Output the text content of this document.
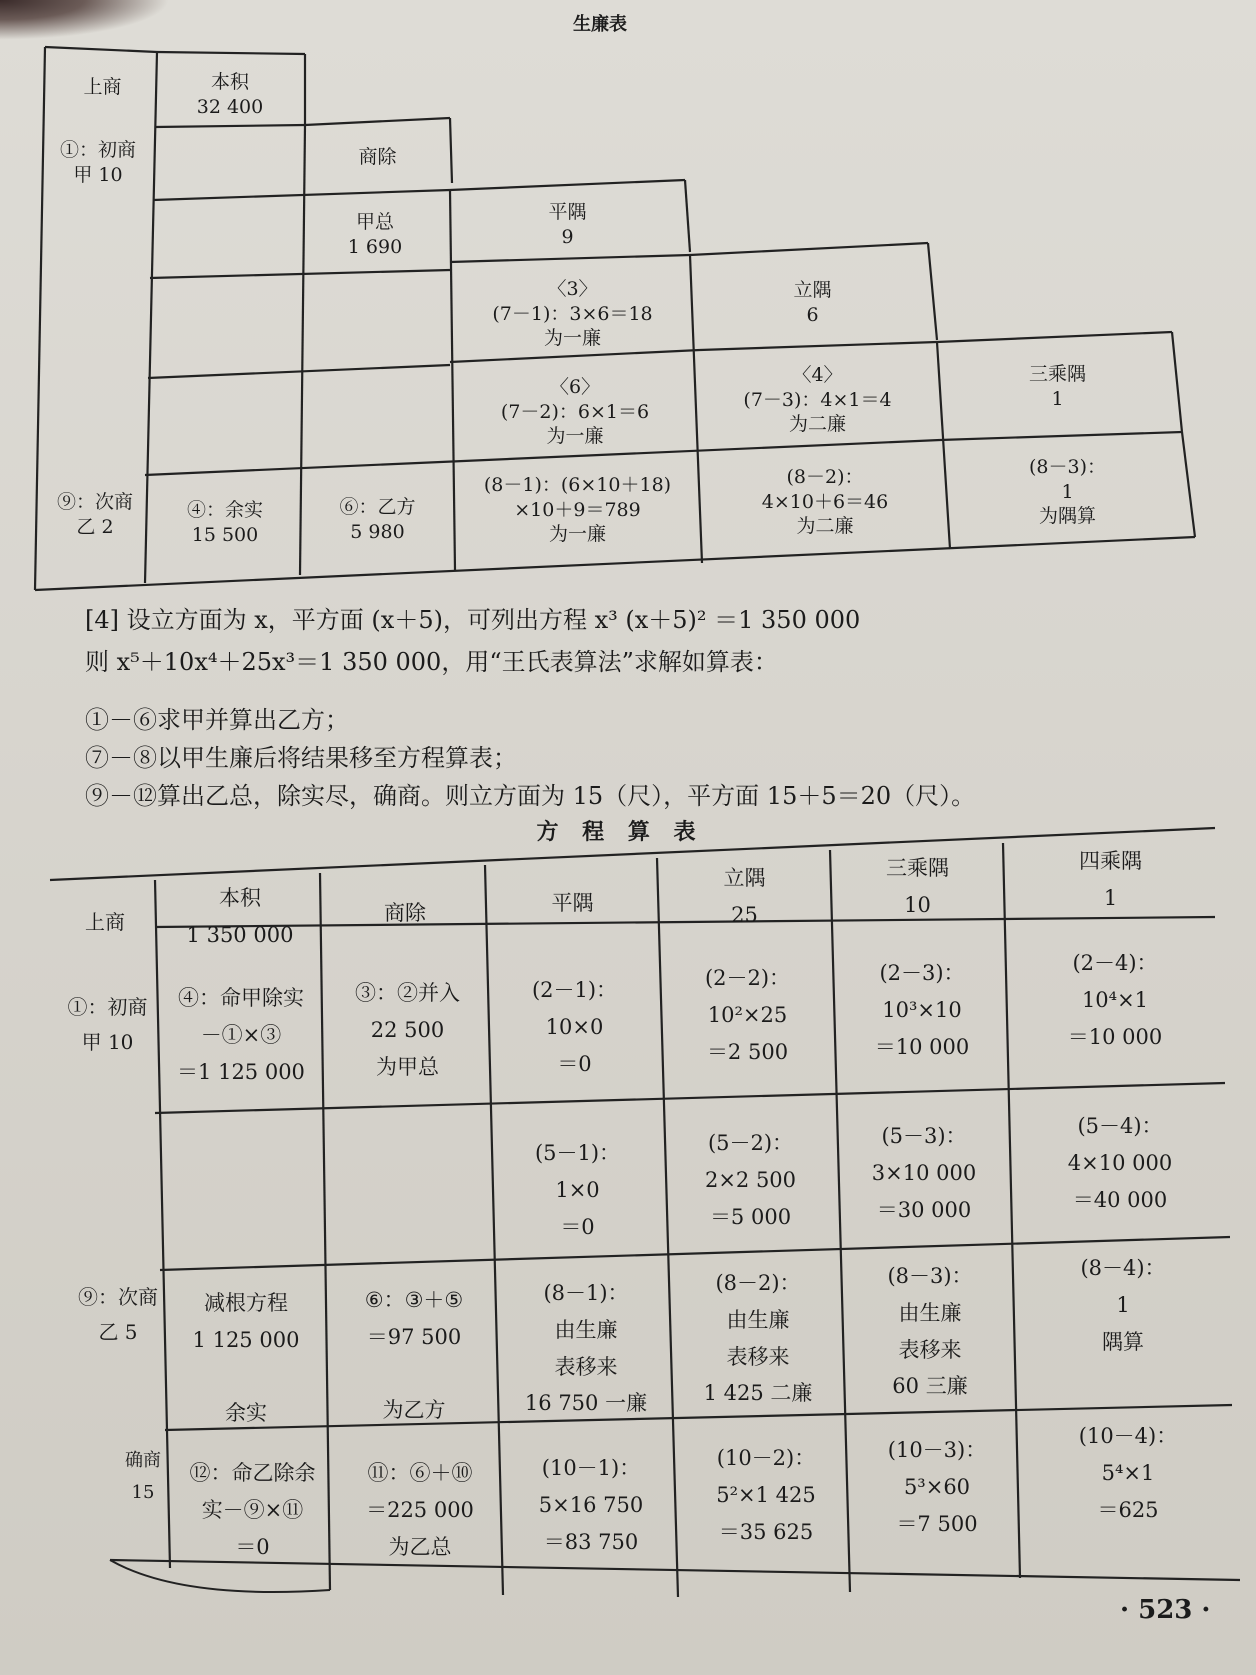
生廉表
上商
①：初商
甲 10
⑨：次商
乙 2
本积
32 400
商除
甲总
1 690
平隅
9
立隅
6
三乘隅
1
〈3〉
(7－1)：3×6＝18
为一廉
〈6〉
(7－2)：6×1＝6
为一廉
〈4〉
(7－3)：4×1＝4
为二廉
④：余实
15 500
⑥：乙方
5 980
(8－1)：(6×10＋18)
×10＋9＝789
为一廉
(8－2)：
4×10＋6＝46
为二廉
(8－3)：
1
为隅算
[4] 设立方面为 x，平方面 (x＋5)，可列出方程 x³ (x＋5)² ＝1 350 000
则 x⁵＋10x⁴＋25x³＝1 350 000，用“王氏表算法”求解如算表：
①－⑥求甲并算出乙方；
⑦－⑧以甲生廉后将结果移至方程算表；
⑨－⑫算出乙总，除实尽，确商。则立方面为 15（尺），平方面 15＋5＝20（尺）。
方 程 算 表
上商
①：初商
甲 10
⑨：次商
乙 5
确商
15
本积
1 350 000
商除	平隅
立隅
25
三乘隅
10
四乘隅
1
④：命甲除实
－①×③
＝1 125 000
③：②并入
22 500
为甲总
(2－1)：
10×0
＝0
(2－2)：
10²×25
＝2 500
(2－3)：
10³×10
＝10 000
(2－4)：
10⁴×1
＝10 000
(5－1)：
1×0
＝0
(5－2)：
2×2 500
＝5 000
(5－3)：
3×10 000
＝30 000
(5－4)：
4×10 000
＝40 000
减根方程
1 125 000

余实
⑥：③＋⑤
＝97 500

为乙方
(8－1)：
由生廉
表移来
16 750 一廉
(8－2)：
由生廉
表移来
1 425 二廉
(8－3)：
由生廉
表移来
60 三廉
(8－4)：
1
隅算
⑫：命乙除余
实－⑨×⑪
＝0
⑪：⑥＋⑩
＝225 000
为乙总
(10－1)：
5×16 750
＝83 750
(10－2)：
5²×1 425
＝35 625
(10－3)：
5³×60
＝7 500
(10－4)：
5⁴×1
＝625
· 523 ·
